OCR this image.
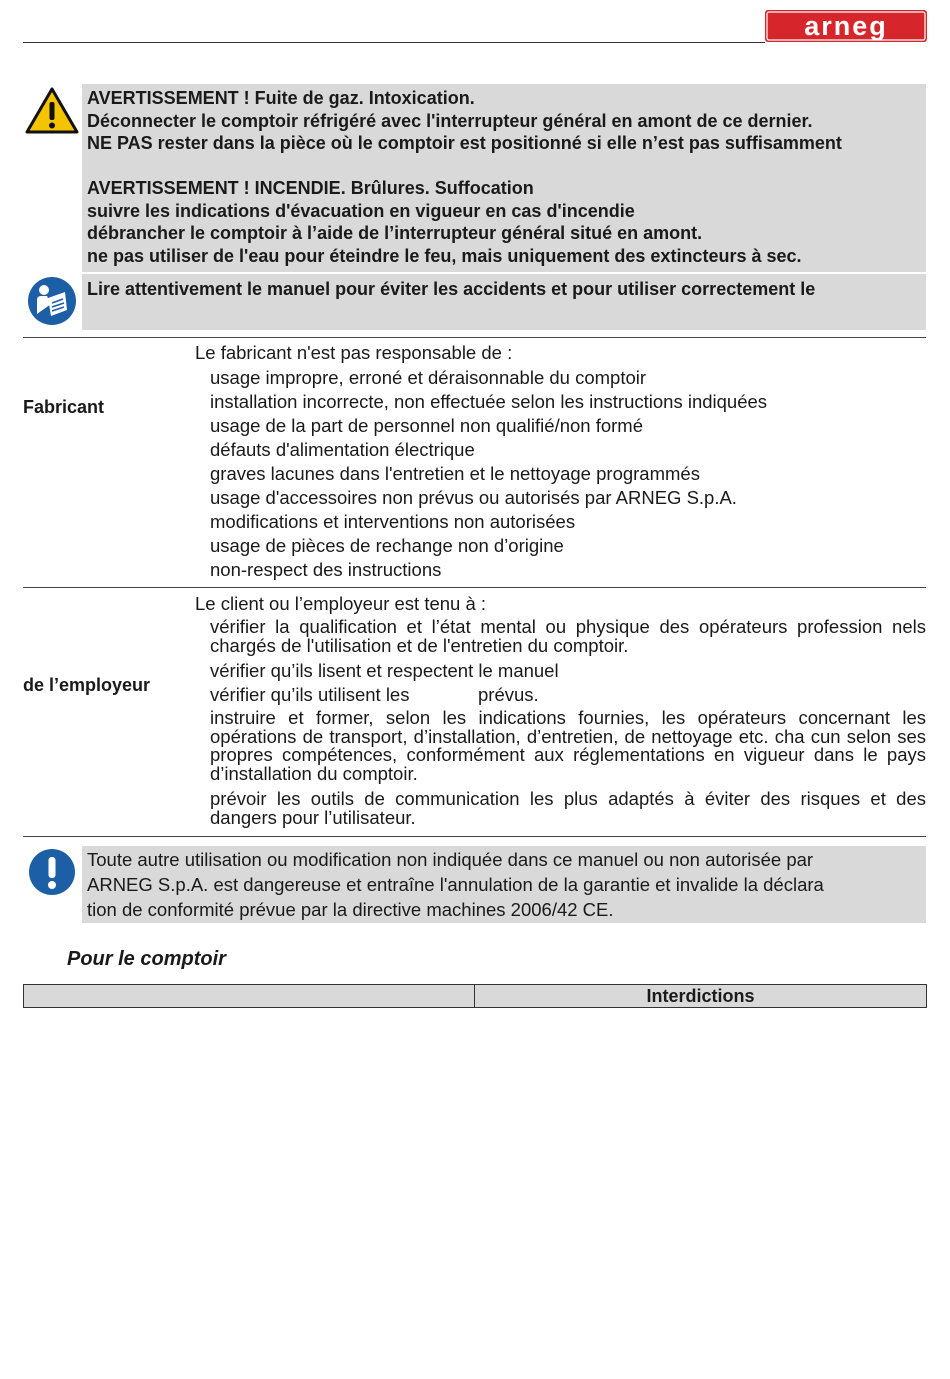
arneg
AVERTISSEMENT ! Fuite de gaz. Intoxication.
Déconnecter le comptoir réfrigéré avec l'interrupteur général en amont de ce dernier.
NE PAS rester dans la pièce où le comptoir est positionné si elle n’est pas suffisamment
AVERTISSEMENT ! INCENDIE. Brûlures. Suffocation
suivre les indications d'évacuation en vigueur en cas d'incendie
débrancher le comptoir à l’aide de l’interrupteur général situé en amont.
ne pas utiliser de l'eau pour éteindre le feu, mais uniquement des extincteurs à sec.
Lire attentivement le manuel pour éviter les accidents et pour utiliser correctement le
Fabricant
Le fabricant n'est pas responsable de :
usage impropre, erroné et déraisonnable du comptoir
installation incorrecte, non effectuée selon les instructions indiquées
usage de la part de personnel non qualifié/non formé
défauts d'alimentation électrique
graves lacunes dans l'entretien et le nettoyage programmés
usage d'accessoires non prévus ou autorisés par ARNEG S.p.A.
modifications et interventions non autorisées
usage de pièces de rechange non d’origine
non-respect des instructions
de l’employeur
Le client ou l’employeur est tenu à :
vérifier la qualification et l’état mental ou physique des opérateurs profession nels chargés de l'utilisation et de l'entretien du comptoir.
vérifier qu’ils lisent et respectent le manuel
vérifier qu’ils utilisent les	prévus.
instruire et former, selon les indications fournies, les opérateurs concernant les opérations de transport, d’installation, d’entretien, de nettoyage etc. cha cun selon ses propres compétences, conformément aux réglementations en vigueur dans le pays d’installation du comptoir.
prévoir les outils de communication les plus adaptés à éviter des risques et des dangers pour l’utilisateur.
Toute autre utilisation ou modification non indiquée dans ce manuel ou non autorisée par
ARNEG S.p.A. est dangereuse et entraîne l'annulation de la garantie et invalide la déclara
tion de conformité prévue par la directive machines 2006/42 CE.
Pour le comptoir
	Interdictions
